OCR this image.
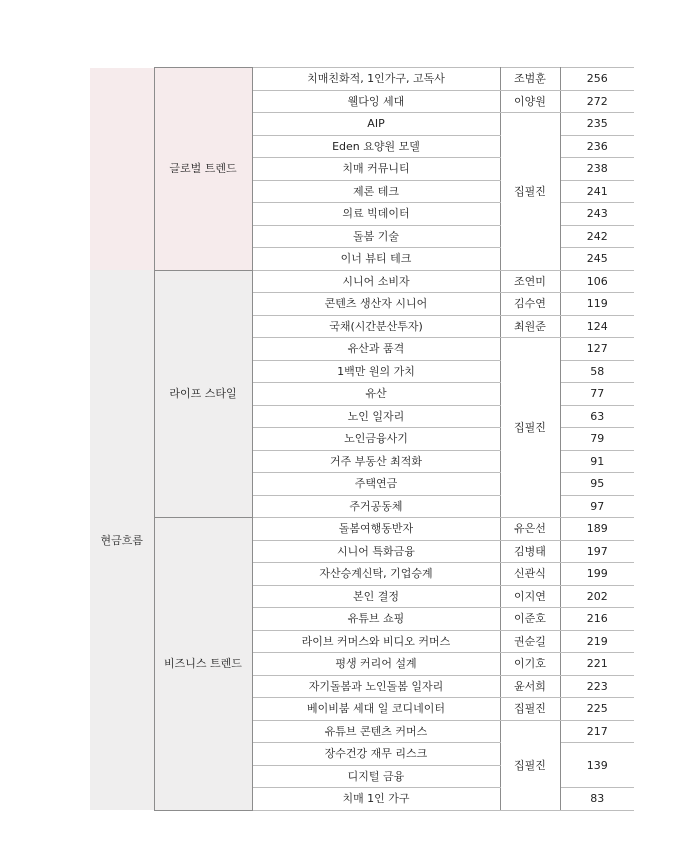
	글로벌 트렌드	치매친화적, 1인가구, 고독사	조범훈	256
		웰다잉 세대	이양원	272
		AIP	집필진	235
		Eden 요양원 모델		236
		치매 커뮤니티		238
		제론 테크		241
		의료 빅데이터		243
		돌봄 기술		242
		이너 뷰티 테크		245
현금흐름	라이프 스타일	시니어 소비자	조연미	106
		콘텐츠 생산자 시니어	김수연	119
		국채(시간분산투자)	최원준	124
		유산과 품격	집필진	127
		1백만 원의 가치		58
		유산		77
		노인 일자리		63
		노인금융사기		79
		거주 부동산 최적화		91
		주택연금		95
		주거공동체		97
	비즈니스 트렌드	돌봄여행동반자	유은선	189
		시니어 특화금융	김병태	197
		자산승계신탁, 기업승계	신관식	199
		본인 결정	이지연	202
		유튜브 쇼핑	이준호	216
		라이브 커머스와 비디오 커머스	권순길	219
		평생 커리어 설계	이기호	221
		자기돌봄과 노인돌봄 일자리	윤서희	223
		베이비붐 세대 일 코디네이터	집필진	225
		유튜브 콘텐츠 커머스	집필진	217
		장수건강 재무 리스크		139
		디지털 금융		
		치매 1인 가구		83
